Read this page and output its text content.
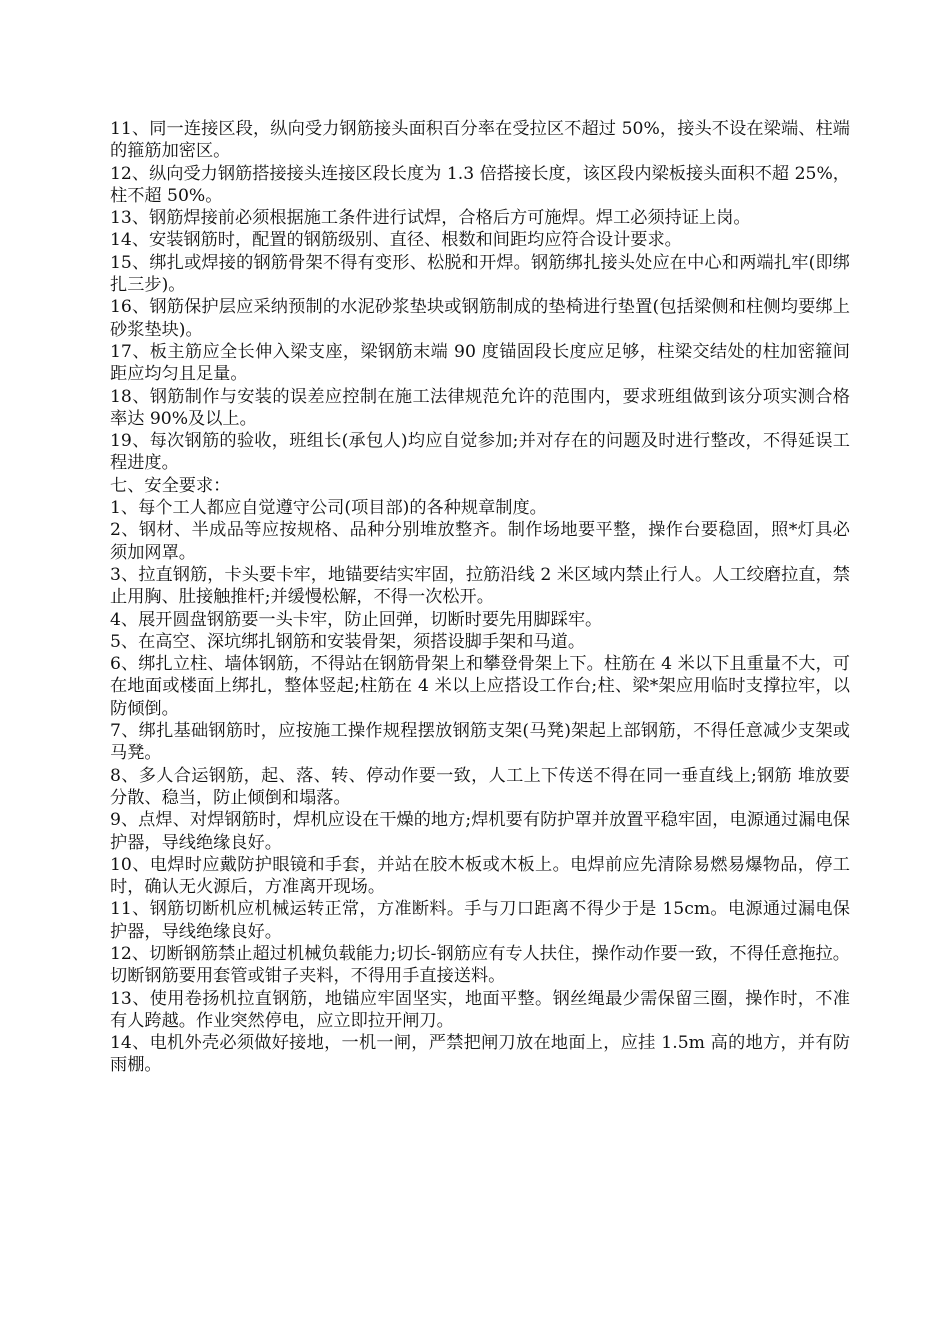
11、同一连接区段，纵向受力钢筋接头面积百分率在受拉区不超过 50%，接头不设在梁端、柱端的箍筋加密区。

12、纵向受力钢筋搭接接头连接区段长度为 1.3 倍搭接长度，该区段内梁板接头面积不超 25%，柱不超 50%。

13、钢筋焊接前必须根据施工条件进行试焊，合格后方可施焊。焊工必须持证上岗。

14、安装钢筋时，配置的钢筋级别、直径、根数和间距均应符合设计要求。

15、绑扎或焊接的钢筋骨架不得有变形、松脱和开焊。钢筋绑扎接头处应在中心和两端扎牢(即绑扎三步)。

16、钢筋保护层应采纳预制的水泥砂浆垫块或钢筋制成的垫椅进行垫置(包括梁侧和柱侧均要绑上砂浆垫块)。

17、板主筋应全长伸入梁支座，梁钢筋末端 90 度锚固段长度应足够，柱梁交结处的柱加密箍间距应均匀且足量。

18、钢筋制作与安装的误差应控制在施工法律规范允许的范围内，要求班组做到该分项实测合格率达 90%及以上。

19、每次钢筋的验收，班组长(承包人)均应自觉参加;并对存在的问题及时进行整改，不得延误工程进度。

七、安全要求：

1、每个工人都应自觉遵守公司(项目部)的各种规章制度。

2、钢材、半成品等应按规格、品种分别堆放整齐。制作场地要平整，操作台要稳固，照*灯具必须加网罩。

3、拉直钢筋，卡头要卡牢，地锚要结实牢固，拉筋沿线 2 米区域内禁止行人。人工绞磨拉直，禁止用胸、肚接触推杆;并缓慢松解，不得一次松开。

4、展开圆盘钢筋要一头卡牢，防止回弹，切断时要先用脚踩牢。

5、在高空、深坑绑扎钢筋和安装骨架，须搭设脚手架和马道。

6、绑扎立柱、墙体钢筋，不得站在钢筋骨架上和攀登骨架上下。柱筋在 4 米以下且重量不大，可在地面或楼面上绑扎，整体竖起;柱筋在 4 米以上应搭设工作台;柱、梁*架应用临时支撑拉牢，以防倾倒。

7、绑扎基础钢筋时，应按施工操作规程摆放钢筋支架(马凳)架起上部钢筋，不得任意减少支架或马凳。

8、多人合运钢筋，起、落、转、停动作要一致，人工上下传送不得在同一垂直线上;钢筋 堆放要分散、稳当，防止倾倒和塌落。

9、点焊、对焊钢筋时，焊机应设在干燥的地方;焊机要有防护罩并放置平稳牢固，电源通过漏电保护器，导线绝缘良好。

10、电焊时应戴防护眼镜和手套，并站在胶木板或木板上。电焊前应先清除易燃易爆物品，停工时，确认无火源后，方准离开现场。

11、钢筋切断机应机械运转正常，方准断料。手与刀口距离不得少于是 15cm。电源通过漏电保护器，导线绝缘良好。

12、切断钢筋禁止超过机械负载能力;切长-钢筋应有专人扶住，操作动作要一致，不得任意拖拉。切断钢筋要用套管或钳子夹料，不得用手直接送料。

13、使用卷扬机拉直钢筋，地锚应牢固坚实，地面平整。钢丝绳最少需保留三圈，操作时，不准有人跨越。作业突然停电，应立即拉开闸刀。

14、电机外壳必须做好接地，一机一闸，严禁把闸刀放在地面上，应挂 1.5m 高的地方，并有防雨棚。
